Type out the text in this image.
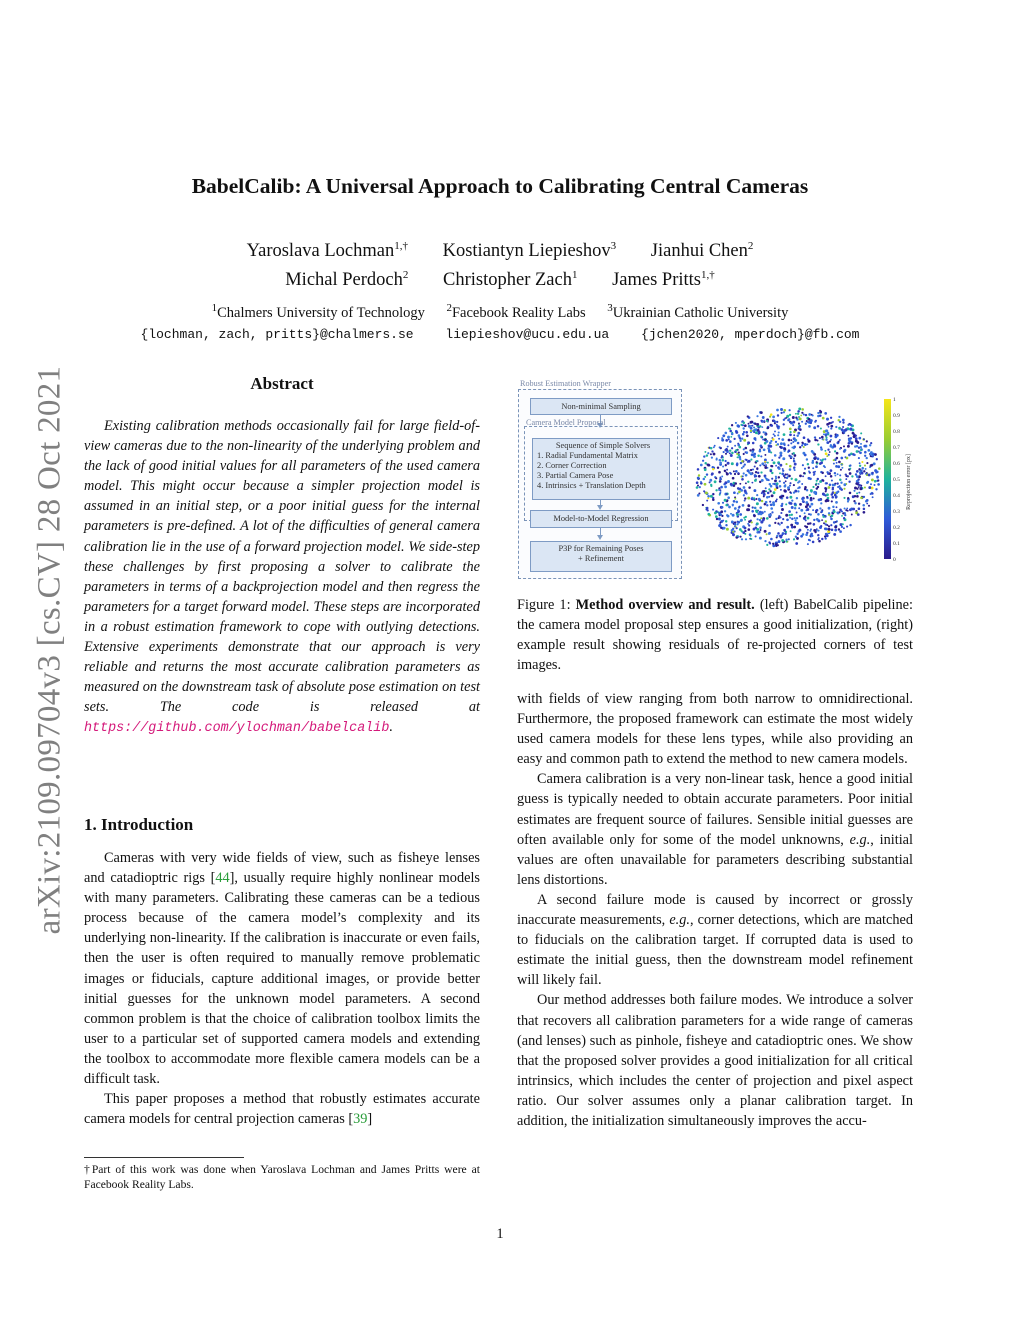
arXiv:2109.09704v3 [cs.CV] 28 Oct 2021
BabelCalib: A Universal Approach to Calibrating Central Cameras
Yaroslava Lochman$^{1,\dagger}$ Kostiantyn Liepieshov$^3$ Jianhui Chen$^2$
Michal Perdoch$^2$ Christopher Zach$^1$ James Pritts$^{1,\dagger}$
$^1$Chalmers University of Technology $^2$Facebook Reality Labs $^3$Ukrainian Catholic University
{lochman, zach, pritts}@chalmers.se liepieshov@ucu.edu.ua {jchen2020, mperdoch}@fb.com
Abstract

Existing calibration methods occasionally fail for large field-of-view cameras due to the non-linearity of the underlying problem and the lack of good initial values for all parameters of the used camera model. This might occur because a simpler projection model is assumed in an initial step, or a poor initial guess for the internal parameters is pre-defined. A lot of the difficulties of general camera calibration lie in the use of a forward projection model. We side-step these challenges by first proposing a solver to calibrate the parameters in terms of a backprojection model and then regress the parameters for a target forward model. These steps are incorporated in a robust estimation framework to cope with outlying detections. Extensive experiments demonstrate that our approach is very reliable and returns the most accurate calibration parameters as measured on the downstream task of absolute pose estimation on test sets. The code is released at https://github.com/ylochman/babelcalib.

1. Introduction

Cameras with very wide fields of view, such as fisheye lenses and catadioptric rigs [44], usually require highly nonlinear models with many parameters. Calibrating these cameras can be a tedious process because of the camera model’s complexity and its underlying non-linearity. If the calibration is inaccurate or even fails, then the user is often required to manually remove problematic images or fiducials, capture additional images, or provide better initial guesses for the unknown model parameters. A second common problem is that the choice of calibration toolbox limits the user to a particular set of supported camera models and extending the toolbox to accommodate more flexible camera models can be a difficult task.

This paper proposes a method that robustly estimates accurate camera models for central projection cameras [39]

†Part of this work was done when Yaroslava Lochman and James Pritts were at Facebook Reality Labs.
Robust Estimation Wrapper
Non-minimal Sampling
Camera Model Proposal
Sequence of Simple Solvers
1. Radial Fundamental Matrix
2. Corner Correction
3. Partial Camera Pose
4. Intrinsics + Translation Depth
Model-to-Model Regression
P3P for Remaining Poses
+ Refinement
1
0.9
0.8
0.7
0.6
0.5
0.4
0.3
0.2
0.1
0
Reprojection error [px]
Figure 1: Method overview and result. (left) BabelCalib pipeline: the camera model proposal step ensures a good initialization, (right) example result showing residuals of re-projected corners of test images.

with fields of view ranging from both narrow to omnidirectional. Furthermore, the proposed framework can estimate the most widely used camera models for these lens types, while also providing an easy and common path to extend the method to new camera models.

Camera calibration is a very non-linear task, hence a good initial guess is typically needed to obtain accurate parameters. Poor initial estimates are frequent source of failures. Sensible initial guesses are often available only for some of the model unknowns, e.g., initial values are often unavailable for parameters describing substantial lens distortions.

A second failure mode is caused by incorrect or grossly inaccurate measurements, e.g., corner detections, which are matched to fiducials on the calibration target. If corrupted data is used to estimate the initial guess, then the downstream model refinement will likely fail.

Our method addresses both failure modes. We introduce a solver that recovers all calibration parameters for a wide range of cameras (and lenses) such as pinhole, fisheye and catadioptric ones. We show that the proposed solver provides a good initialization for all critical intrinsics, which includes the center of projection and pixel aspect ratio. Our solver assumes only a planar calibration target. In addition, the initialization simultaneously improves the accu-

1
